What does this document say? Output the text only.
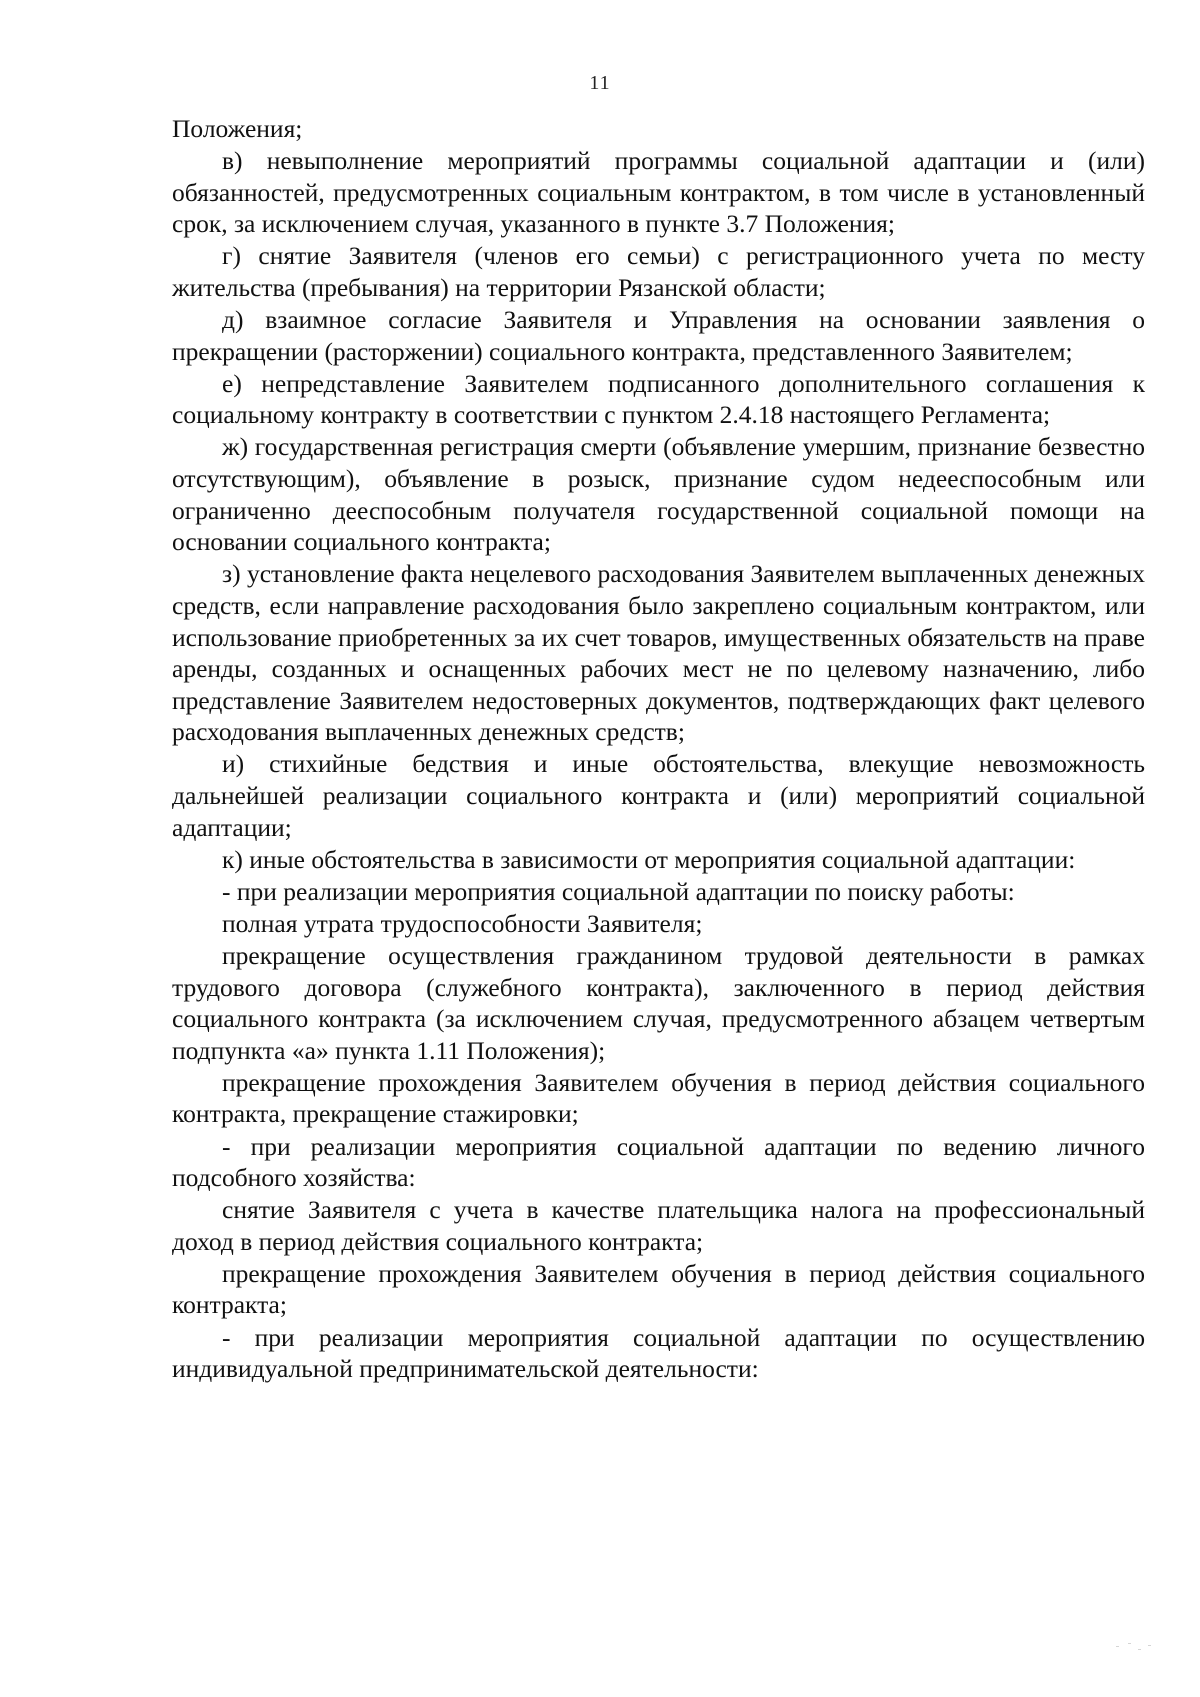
11

Положения;

в) невыполнение мероприятий программы социальной адаптации и (или) обязанностей, предусмотренных социальным контрактом, в том числе в установленный срок, за исключением случая, указанного в пункте 3.7 Положения;

г) снятие Заявителя (членов его семьи) с регистрационного учета по месту жительства (пребывания) на территории Рязанской области;

д) взаимное согласие Заявителя и Управления на основании заявления о прекращении (расторжении) социального контракта, представленного Заявителем;

е) непредставление Заявителем подписанного дополнительного соглашения к социальному контракту в соответствии с пунктом 2.4.18 настоящего Регламента;

ж) государственная регистрация смерти (объявление умершим, признание безвестно отсутствующим), объявление в розыск, признание судом недееспособным или ограниченно дееспособным получателя государственной социальной помощи на основании социального контракта;

з) установление факта нецелевого расходования Заявителем выплаченных денежных средств, если направление расходования было закреплено социальным контрактом, или использование приобретенных за их счет товаров, имущественных обязательств на праве аренды, созданных и оснащенных рабочих мест не по целевому назначению, либо представление Заявителем недостоверных документов, подтверждающих факт целевого расходования выплаченных денежных средств;

и) стихийные бедствия и иные обстоятельства, влекущие невозможность дальнейшей реализации социального контракта и (или) мероприятий социальной адаптации;

к) иные обстоятельства в зависимости от мероприятия социальной адаптации:

- при реализации мероприятия социальной адаптации по поиску работы:

полная утрата трудоспособности Заявителя;

прекращение осуществления гражданином трудовой деятельности в рамках трудового договора (служебного контракта), заключенного в период действия социального контракта (за исключением случая, предусмотренного абзацем четвертым подпункта «а» пункта 1.11 Положения);

прекращение прохождения Заявителем обучения в период действия социального контракта, прекращение стажировки;

- при реализации мероприятия социальной адаптации по ведению личного подсобного хозяйства:

снятие Заявителя с учета в качестве плательщика налога на профессиональный доход в период действия социального контракта;

прекращение прохождения Заявителем обучения в период действия социального контракта;

- при реализации мероприятия социальной адаптации по осуществлению индивидуальной предпринимательской деятельности:
